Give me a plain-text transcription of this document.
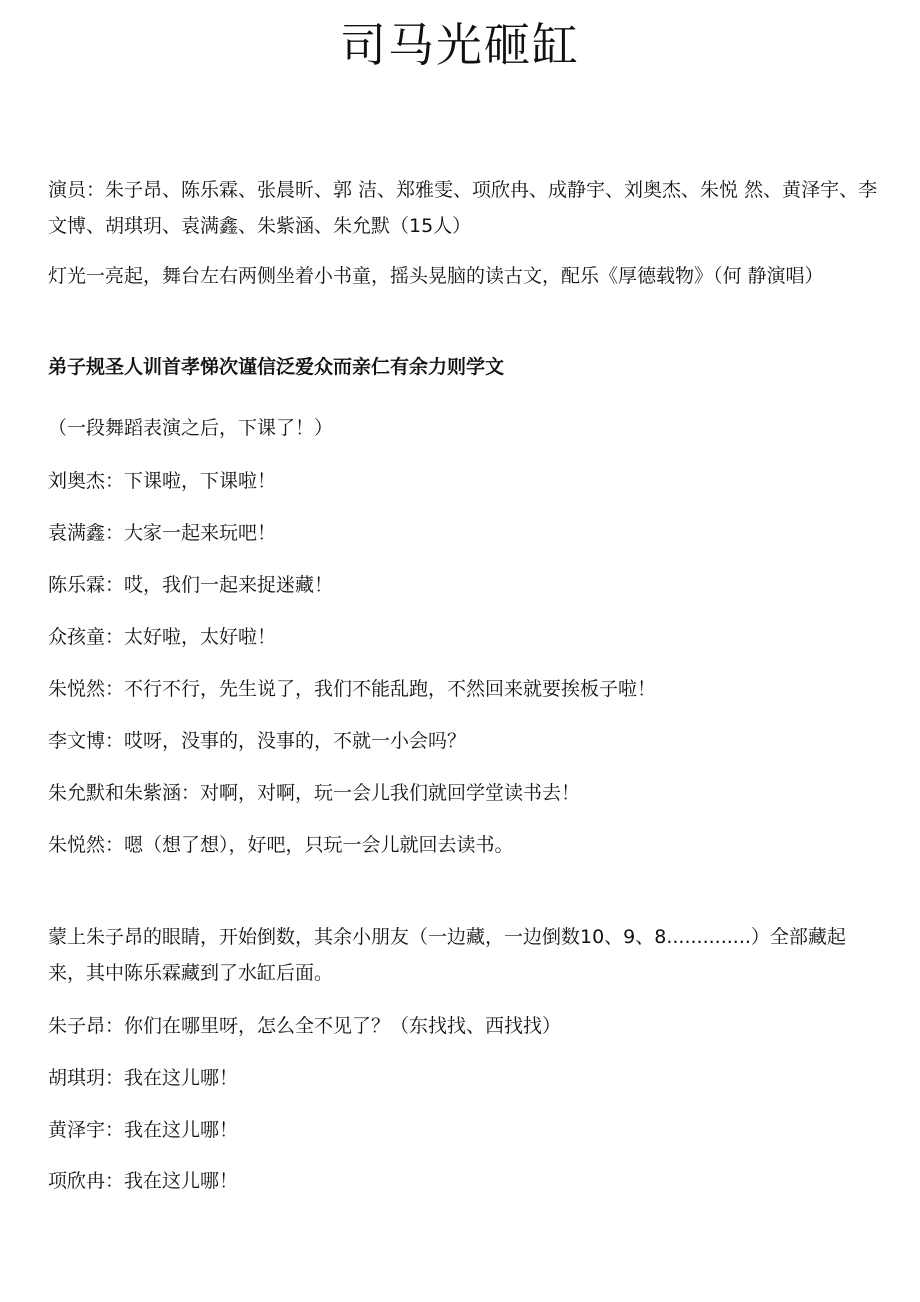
司马光砸缸

演员：朱子昂、陈乐霖、张晨昕、郭 洁、郑雅雯、项欣冉、成静宇、刘奥杰、朱悦 然、黄泽宇、李文博、胡琪玥、袁满鑫、朱紫涵、朱允默（15人）

灯光一亮起，舞台左右两侧坐着小书童，摇头晃脑的读古文，配乐《厚德载物》（何 静演唱）

弟子规圣人训首孝悌次谨信泛爱众而亲仁有余力则学文

（一段舞蹈表演之后，下课了！）

刘奥杰：下课啦，下课啦！

袁满鑫：大家一起来玩吧！

陈乐霖：哎，我们一起来捉迷藏！

众孩童：太好啦，太好啦！

朱悦然：不行不行，先生说了，我们不能乱跑，不然回来就要挨板子啦！

李文博：哎呀，没事的，没事的，不就一小会吗？

朱允默和朱紫涵：对啊，对啊，玩一会儿我们就回学堂读书去！

朱悦然：嗯（想了想），好吧，只玩一会儿就回去读书。

蒙上朱子昂的眼睛，开始倒数，其余小朋友（一边藏，一边倒数10、9、8..............）全部藏起来，其中陈乐霖藏到了水缸后面。

朱子昂：你们在哪里呀，怎么全不见了？（东找找、西找找）

胡琪玥：我在这儿哪！

黄泽宇：我在这儿哪！

项欣冉：我在这儿哪！
